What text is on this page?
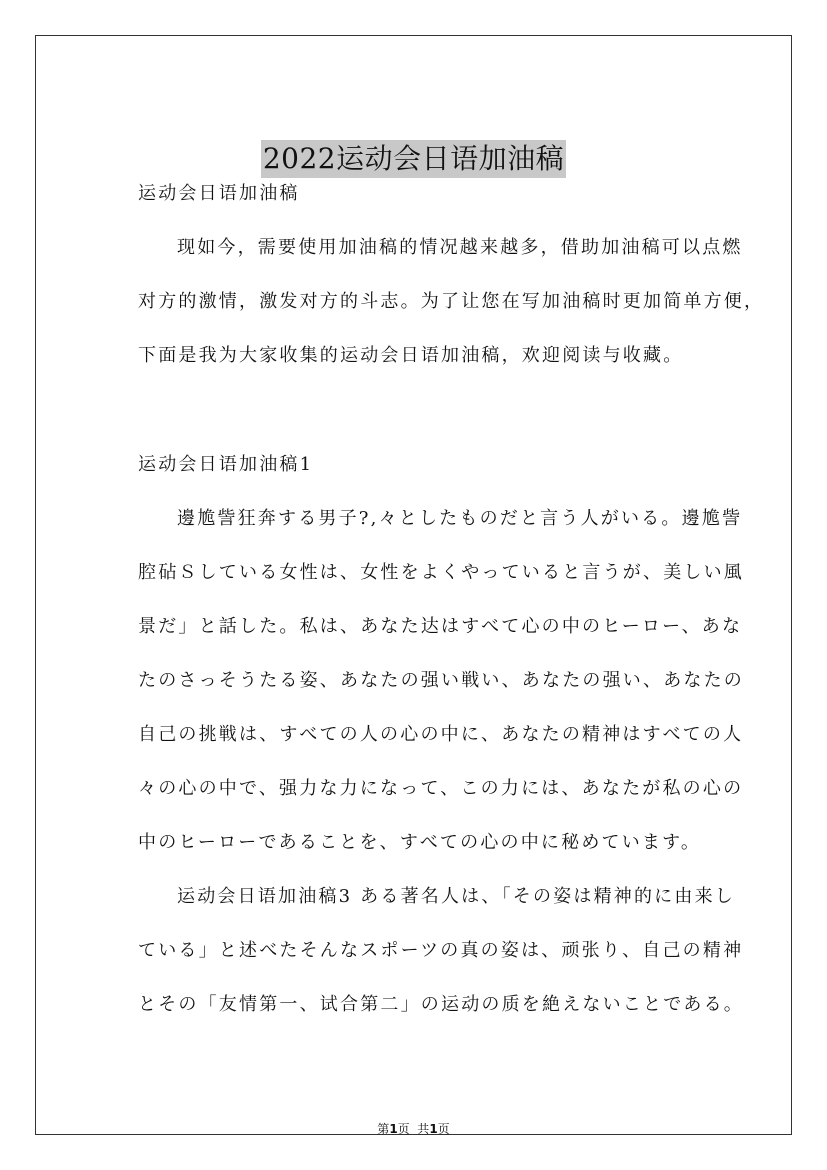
2022运动会日语加油稿
运动会日语加油稿
现如今，需要使用加油稿的情况越来越多，借助加油稿可以点燃
对方的激情，激发对方的斗志。为了让您在写加油稿时更加简单方便，
下面是我为大家收集的运动会日语加油稿，欢迎阅读与收藏。
运动会日语加油稿1
邊尯訾狂奔する男子?,々としたものだと言う人がいる。邊尯訾
腔砧Ｓしている女性は、女性をよくやっていると言うが、美しい風
景だ」と話した。私は、あなた达はすべて心の中のヒーロー、あな
たのさっそうたる姿、あなたの强い戦い、あなたの强い、あなたの
自己の挑戦は、すべての人の心の中に、あなたの精神はすべての人
々の心の中で、强力な力になって、この力には、あなたが私の心の
中のヒーローであることを、すべての心の中に秘めています。
运动会日语加油稿3 ある著名人は、「その姿は精神的に由来し
ている」と述べたそんなスポーツの真の姿は、顽张り、自己の精神
とその「友情第一、试合第二」の运动の质を絶えないことである。
第1页  共1页
